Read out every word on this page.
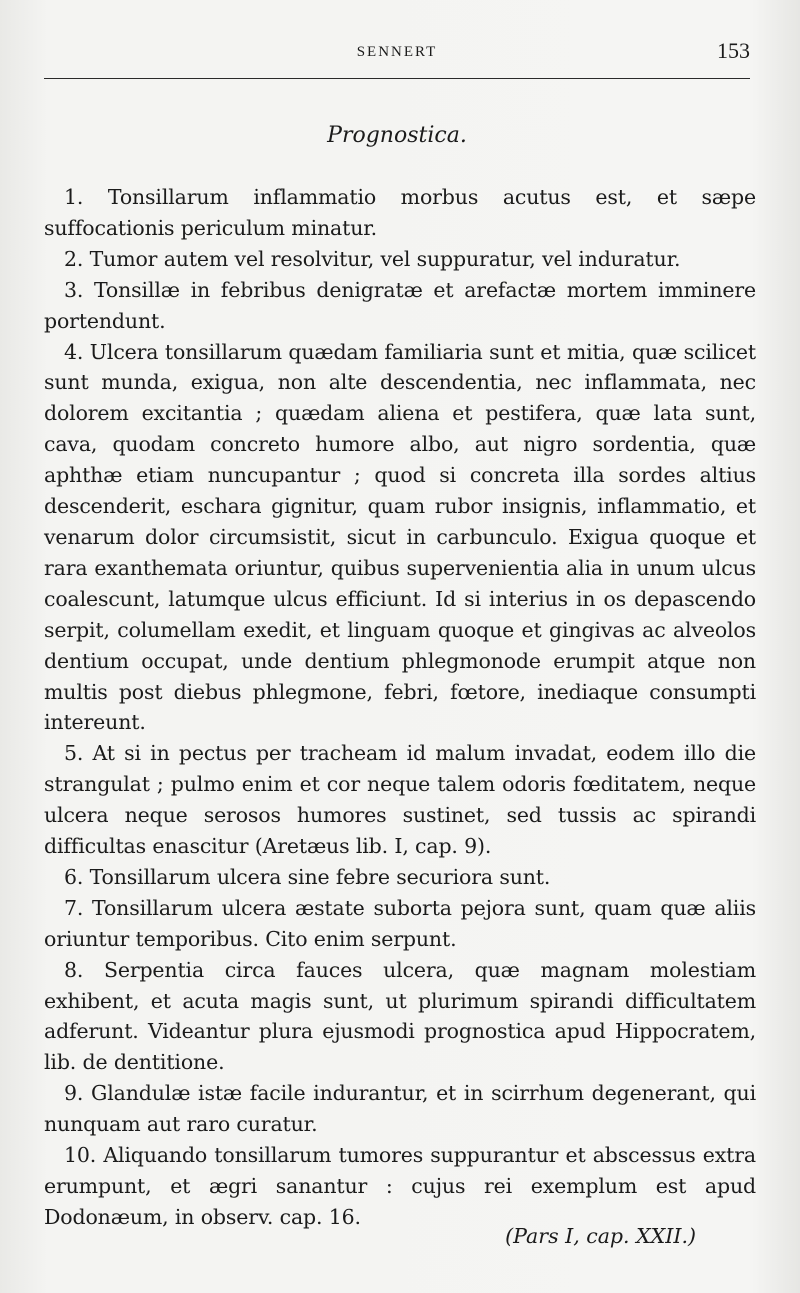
SENNERT	153
Prognostica.

1. Tonsillarum inflammatio morbus acutus est, et sæpe suffocationis periculum minatur.

2. Tumor autem vel resolvitur, vel suppuratur, vel induratur.

3. Tonsillæ in febribus denigratæ et arefactæ mortem imminere portendunt.

4. Ulcera tonsillarum quædam familiaria sunt et mitia, quæ scilicet sunt munda, exigua, non alte descendentia, nec inflammata, nec dolorem excitantia ; quædam aliena et pestifera, quæ lata sunt, cava, quodam concreto humore albo, aut nigro sordentia, quæ aphthæ etiam nuncupantur ; quod si concreta illa sordes altius descenderit, eschara gignitur, quam rubor insignis, inflammatio, et venarum dolor circumsistit, sicut in carbunculo. Exigua quoque et rara exanthemata oriuntur, quibus supervenientia alia in unum ulcus coalescunt, latumque ulcus efficiunt. Id si interius in os depascendo serpit, columellam exedit, et linguam quoque et gingivas ac alveolos dentium occupat, unde dentium phlegmonode erumpit atque non multis post diebus phlegmone, febri, fœtore, inediaque consumpti intereunt.

5. At si in pectus per tracheam id malum invadat, eodem illo die strangulat ; pulmo enim et cor neque talem odoris fœditatem, neque ulcera neque serosos humores sustinet, sed tussis ac spirandi difficultas enascitur (Aretæus lib. I, cap. 9).

6. Tonsillarum ulcera sine febre securiora sunt.

7. Tonsillarum ulcera æstate suborta pejora sunt, quam quæ aliis oriuntur temporibus. Cito enim serpunt.

8. Serpentia circa fauces ulcera, quæ magnam molestiam exhibent, et acuta magis sunt, ut plurimum spirandi difficultatem adferunt. Videantur plura ejusmodi prognostica apud Hippocratem, lib. de dentitione.

9. Glandulæ istæ facile indurantur, et in scirrhum degenerant, qui nunquam aut raro curatur.

10. Aliquando tonsillarum tumores suppurantur et abscessus extra erumpunt, et ægri sanantur : cujus rei exemplum est apud Dodonæum, in observ. cap. 16.

(Pars I, cap. XXII.)
